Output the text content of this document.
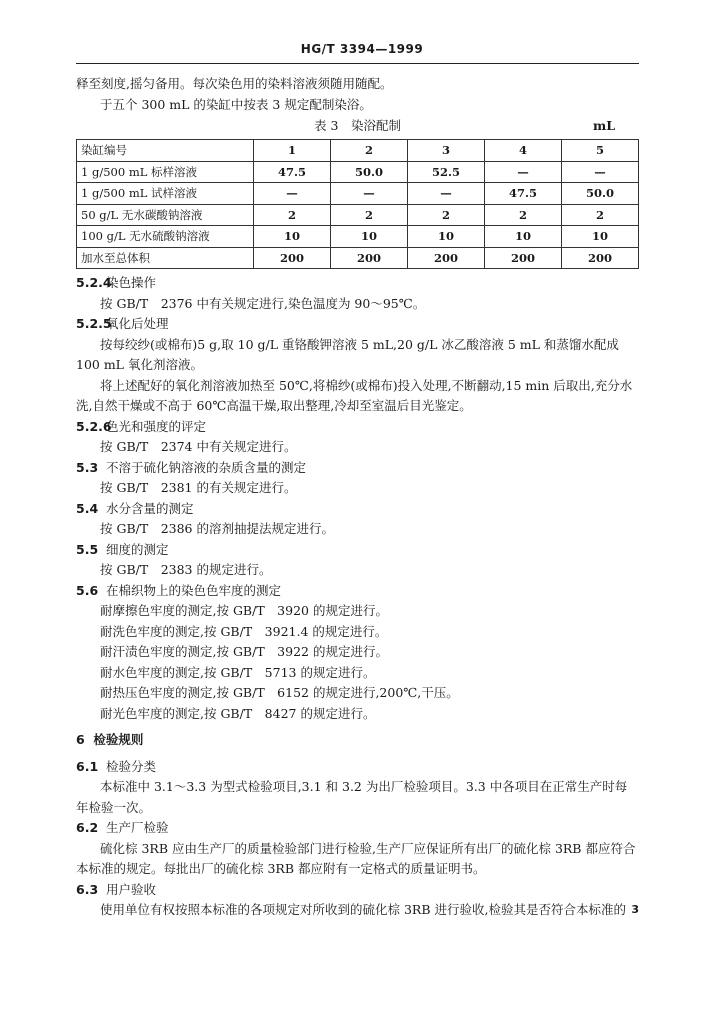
HG/T 3394—1999

释至刻度,摇匀备用。每次染色用的染料溶液须随用随配。

于五个 300 mL 的染缸中按表 3 规定配制染浴。

表 3　染浴配制	mL
染缸编号	1	2	3	4	5
1 g/500 mL 标样溶液	47.5	50.0	52.5	—	—
1 g/500 mL 试样溶液	—	—	—	47.5	50.0
50 g/L 无水碳酸钠溶液	2	2	2	2	2
100 g/L 无水硫酸钠溶液	10	10	10	10	10
加水至总体积	200	200	200	200	200

5.2.4  染色操作

按 GB/T　2376 中有关规定进行,染色温度为 90～95℃。

5.2.5  氧化后处理

按每绞纱(或棉布)5 g,取 10 g/L 重铬酸钾溶液 5 mL,20 g/L 冰乙酸溶液 5 mL 和蒸馏水配成 100 mL 氧化剂溶液。

将上述配好的氧化剂溶液加热至 50℃,将棉纱(或棉布)投入处理,不断翻动,15 min 后取出,充分水洗,自然干燥或不高于 60℃高温干燥,取出整理,冷却至室温后目光鉴定。

5.2.6  色光和强度的评定

按 GB/T　2374 中有关规定进行。

5.3 不溶于硫化钠溶液的杂质含量的测定

按 GB/T　2381 的有关规定进行。

5.4 水分含量的测定

按 GB/T　2386 的溶剂抽提法规定进行。

5.5 细度的测定

按 GB/T　2383 的规定进行。

5.6 在棉织物上的染色色牢度的测定

耐摩擦色牢度的测定,按 GB/T　3920 的规定进行。

耐洗色牢度的测定,按 GB/T　3921.4 的规定进行。

耐汗渍色牢度的测定,按 GB/T　3922 的规定进行。

耐水色牢度的测定,按 GB/T　5713 的规定进行。

耐热压色牢度的测定,按 GB/T　6152 的规定进行,200℃,干压。

耐光色牢度的测定,按 GB/T　8427 的规定进行。

6 检验规则

6.1 检验分类

本标准中 3.1～3.3 为型式检验项目,3.1 和 3.2 为出厂检验项目。3.3 中各项目在正常生产时每年检验一次。

6.2 生产厂检验

硫化棕 3RB 应由生产厂的质量检验部门进行检验,生产厂应保证所有出厂的硫化棕 3RB 都应符合本标准的规定。每批出厂的硫化棕 3RB 都应附有一定格式的质量证明书。

6.3 用户验收

使用单位有权按照本标准的各项规定对所收到的硫化棕 3RB 进行验收,检验其是否符合本标准的 3
